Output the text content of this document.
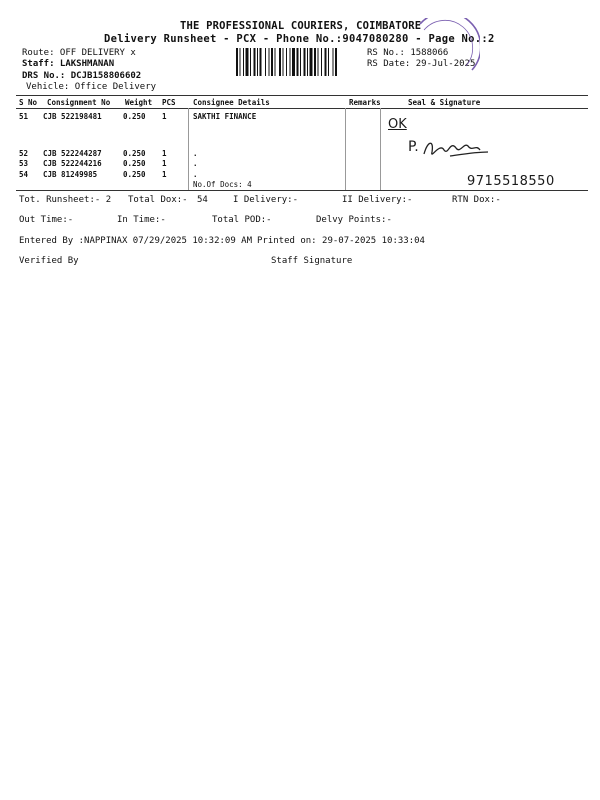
THE PROFESSIONAL COURIERS, COIMBATORE
Delivery Runsheet - PCX - Phone No.:9047080280 - Page No.:2
Route: OFF DELIVERY x
Staff: LAKSHMANAN
DRS No.: DCJB158806602
Vehicle: Office Delivery
RS No.: 1588066
RS Date: 29-Jul-2025
S No Consignment No Weight PCS Consignee Details	Remarks	Seal & Signature
51 CJB 522198481	0.250 1	SAKTHI FINANCE
52 CJB 522244287	0.250 1	.
53 CJB 522244216	0.250 1	.
54 CJB 81249985	0.250 1	.
No.Of Docs: 4
OK
P.
9715518550
Tot. Runsheet:- 2 Total Dox:- 54	I Delivery:-	II Delivery:-	RTN Dox:-
Out Time:-	In Time:-	Total POD:-	Delvy Points:-
Entered By :NAPPINAX 07/29/2025 10:32:09 AM Printed on: 29-07-2025 10:33:04
Verified By	Staff Signature
